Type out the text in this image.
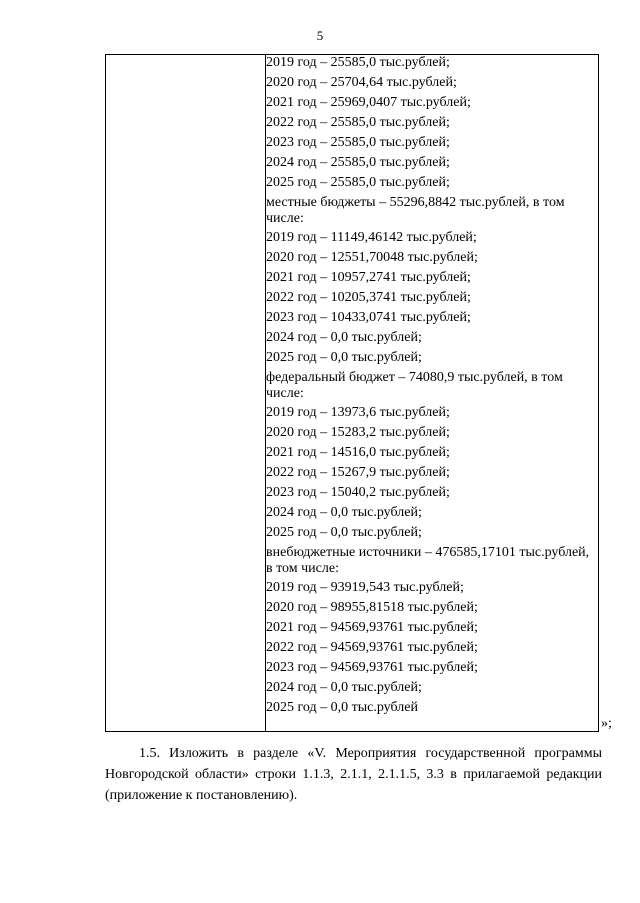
5

2019 год – 25585,0 тыс.рублей;
2020 год – 25704,64 тыс.рублей;
2021 год – 25969,0407 тыс.рублей;
2022 год – 25585,0 тыс.рублей;
2023 год – 25585,0 тыс.рублей;
2024 год – 25585,0 тыс.рублей;
2025 год – 25585,0 тыс.рублей;
местные бюджеты – 55296,8842 тыс.рублей, в том числе:
2019 год – 11149,46142 тыс.рублей;
2020 год – 12551,70048 тыс.рублей;
2021 год – 10957,2741 тыс.рублей;
2022 год – 10205,3741 тыс.рублей;
2023 год – 10433,0741 тыс.рублей;
2024 год – 0,0 тыс.рублей;
2025 год – 0,0 тыс.рублей;
федеральный бюджет – 74080,9 тыс.рублей, в том числе:
2019 год – 13973,6 тыс.рублей;
2020 год – 15283,2 тыс.рублей;
2021 год – 14516,0 тыс.рублей;
2022 год – 15267,9 тыс.рублей;
2023 год – 15040,2 тыс.рублей;
2024 год – 0,0 тыс.рублей;
2025 год – 0,0 тыс.рублей;
внебюджетные источники – 476585,17101 тыс.рублей, в том числе:
2019 год – 93919,543 тыс.рублей;
2020 год – 98955,81518 тыс.рублей;
2021 год – 94569,93761 тыс.рублей;
2022 год – 94569,93761 тыс.рублей;
2023 год – 94569,93761 тыс.рублей;
2024 год – 0,0 тыс.рублей;
2025 год – 0,0 тыс.рублей
»;
1.5. Изложить в разделе «V. Мероприятия государственной программы Новгородской области» строки 1.1.3, 2.1.1, 2.1.1.5, 3.3 в прилагаемой редакции (приложение к постановлению).
